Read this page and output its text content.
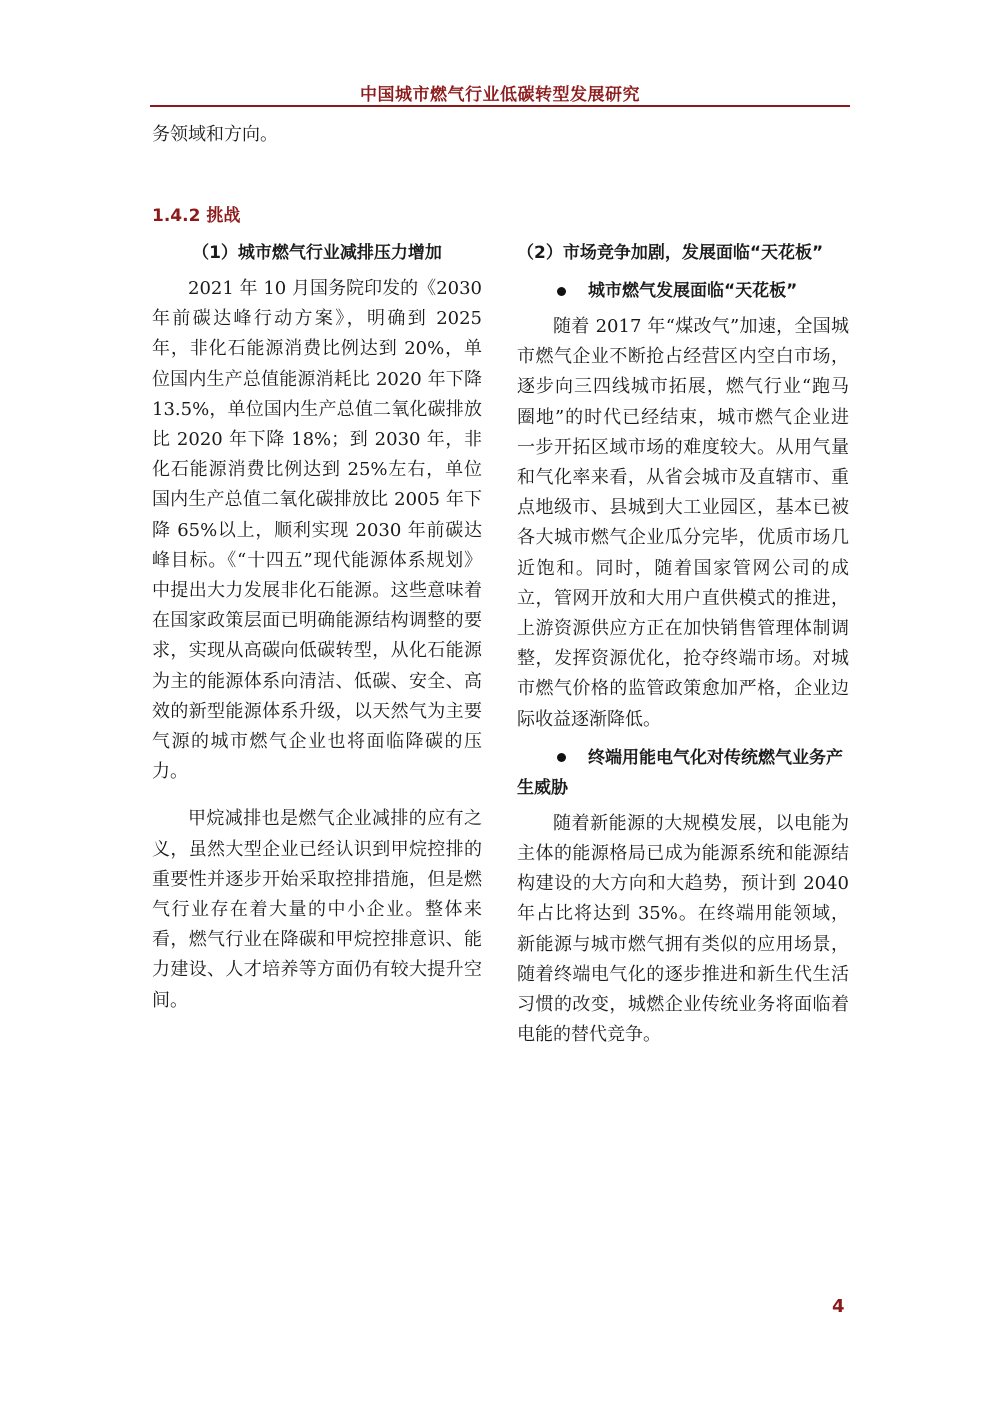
中国城市燃气行业低碳转型发展研究
务领域和方向。
1.4.2 挑战
（1）城市燃气行业减排压力增加

2021 年 10 月国务院印发的《2030 年前碳达峰行动方案》，明确到 2025 年，非化石能源消费比例达到 20%，单位国内生产总值能源消耗比 2020 年下降 13.5%，单位国内生产总值二氧化碳排放比 2020 年下降 18%；到 2030 年，非化石能源消费比例达到 25%左右，单位国内生产总值二氧化碳排放比 2005 年下降 65%以上，顺利实现 2030 年前碳达峰目标。《“十四五”现代能源体系规划》中提出大力发展非化石能源。这些意味着在国家政策层面已明确能源结构调整的要求，实现从高碳向低碳转型，从化石能源为主的能源体系向清洁、低碳、安全、高效的新型能源体系升级，以天然气为主要气源的城市燃气企业也将面临降碳的压力。

甲烷减排也是燃气企业减排的应有之义，虽然大型企业已经认识到甲烷控排的重要性并逐步开始采取控排措施，但是燃气行业存在着大量的中小企业。整体来看，燃气行业在降碳和甲烷控排意识、能力建设、人才培养等方面仍有较大提升空间。

（2）市场竞争加剧，发展面临“天花板”
城市燃气发展面临“天花板”

随着 2017 年“煤改气”加速，全国城市燃气企业不断抢占经营区内空白市场，逐步向三四线城市拓展，燃气行业“跑马圈地”的时代已经结束，城市燃气企业进一步开拓区域市场的难度较大。从用气量和气化率来看，从省会城市及直辖市、重点地级市、县城到大工业园区，基本已被各大城市燃气企业瓜分完毕，优质市场几近饱和。同时，随着国家管网公司的成立，管网开放和大用户直供模式的推进，上游资源供应方正在加快销售管理体制调整，发挥资源优化，抢夺终端市场。对城市燃气价格的监管政策愈加严格，企业边际收益逐渐降低。

终端用能电气化对传统燃气业务产生威胁

随着新能源的大规模发展，以电能为主体的能源格局已成为能源系统和能源结构建设的大方向和大趋势，预计到 2040 年占比将达到 35%。在终端用能领域，新能源与城市燃气拥有类似的应用场景，随着终端电气化的逐步推进和新生代生活习惯的改变，城燃企业传统业务将面临着电能的替代竞争。

4
